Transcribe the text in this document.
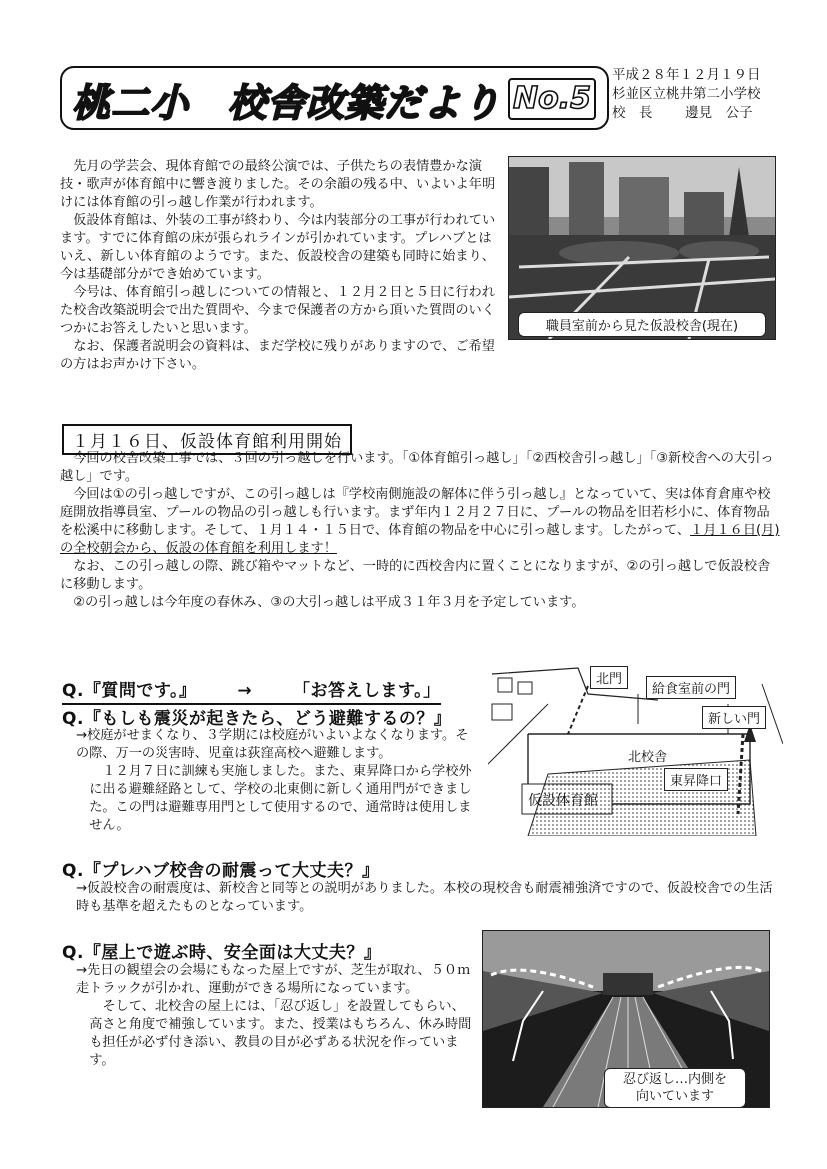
桃二小　校舎改築だより No.5
平成２８年１２月１９日
杉並区立桃井第二小学校
校　長 邊見　公子

先月の学芸会、現体育館での最終公演では、子供たちの表情豊かな演技・歌声が体育館中に響き渡りました。その余韻の残る中、いよいよ年明けには体育館の引っ越し作業が行われます。

仮設体育館は、外装の工事が終わり、今は内装部分の工事が行われています。すでに体育館の床が張られラインが引かれています。プレハブとはいえ、新しい体育館のようです。また、仮設校舎の建築も同時に始まり、今は基礎部分ができ始めています。

今号は、体育館引っ越しについての情報と、１２月２日と５日に行われた校舎改築説明会で出た質問や、今まで保護者の方から頂いた質問のいくつかにお答えしたいと思います。

なお、保護者説明会の資料は、まだ学校に残りがありますので、ご希望の方はお声かけ下さい。

職員室前から見た仮設校舎(現在)
１月１６日、仮設体育館利用開始

今回の校舎改築工事では、３回の引っ越しを行います。「①体育館引っ越し」「②西校舎引っ越し」「③新校舎への大引っ越し」です。

今回は①の引っ越しですが、この引っ越しは『学校南側施設の解体に伴う引っ越し』となっていて、実は体育倉庫や校庭開放指導員室、プールの物品の引っ越しも行います。まず年内１２月２７日に、プールの物品を旧若杉小に、体育物品を松溪中に移動します。そして、１月１４・１５日で、体育館の物品を中心に引っ越します。したがって、１月１６日(月)の全校朝会から、仮設の体育館を利用します！

なお、この引っ越しの際、跳び箱やマットなど、一時的に西校舎内に置くことになりますが、②の引っ越しで仮設校舎に移動します。

②の引っ越しは今年度の春休み、③の大引っ越しは平成３１年３月を予定しています。

Q.『質問です。』 → 「お答えします。」
Q.『もしも震災が起きたら、どう避難するの？』

→校庭がせまくなり、３学期には校庭がいよいよなくなります。その際、万一の災害時、児童は荻窪高校へ避難します。

１２月７日に訓練も実施しました。また、東昇降口から学校外に出る避難経路として、学校の北東側に新しく通用門ができました。この門は避難専用門として使用するので、通常時は使用しません。

北門
給食室前の門
新しい門
北校舎
東昇降口
仮設体育館
Q.『プレハブ校舎の耐震って大丈夫？』

→仮設校舎の耐震度は、新校舎と同等との説明がありました。本校の現校舎も耐震補強済ですので、仮設校舎での生活時も基準を超えたものとなっています。

Q.『屋上で遊ぶ時、安全面は大丈夫？』

→先日の観望会の会場にもなった屋上ですが、芝生が取れ、５０ｍ走トラックが引かれ、運動ができる場所になっています。

そして、北校舎の屋上には、「忍び返し」を設置してもらい、高さと角度で補強しています。また、授業はもちろん、休み時間も担任が必ず付き添い、教員の目が必ずある状況を作っています。

忍び返し…内側を
向いています
